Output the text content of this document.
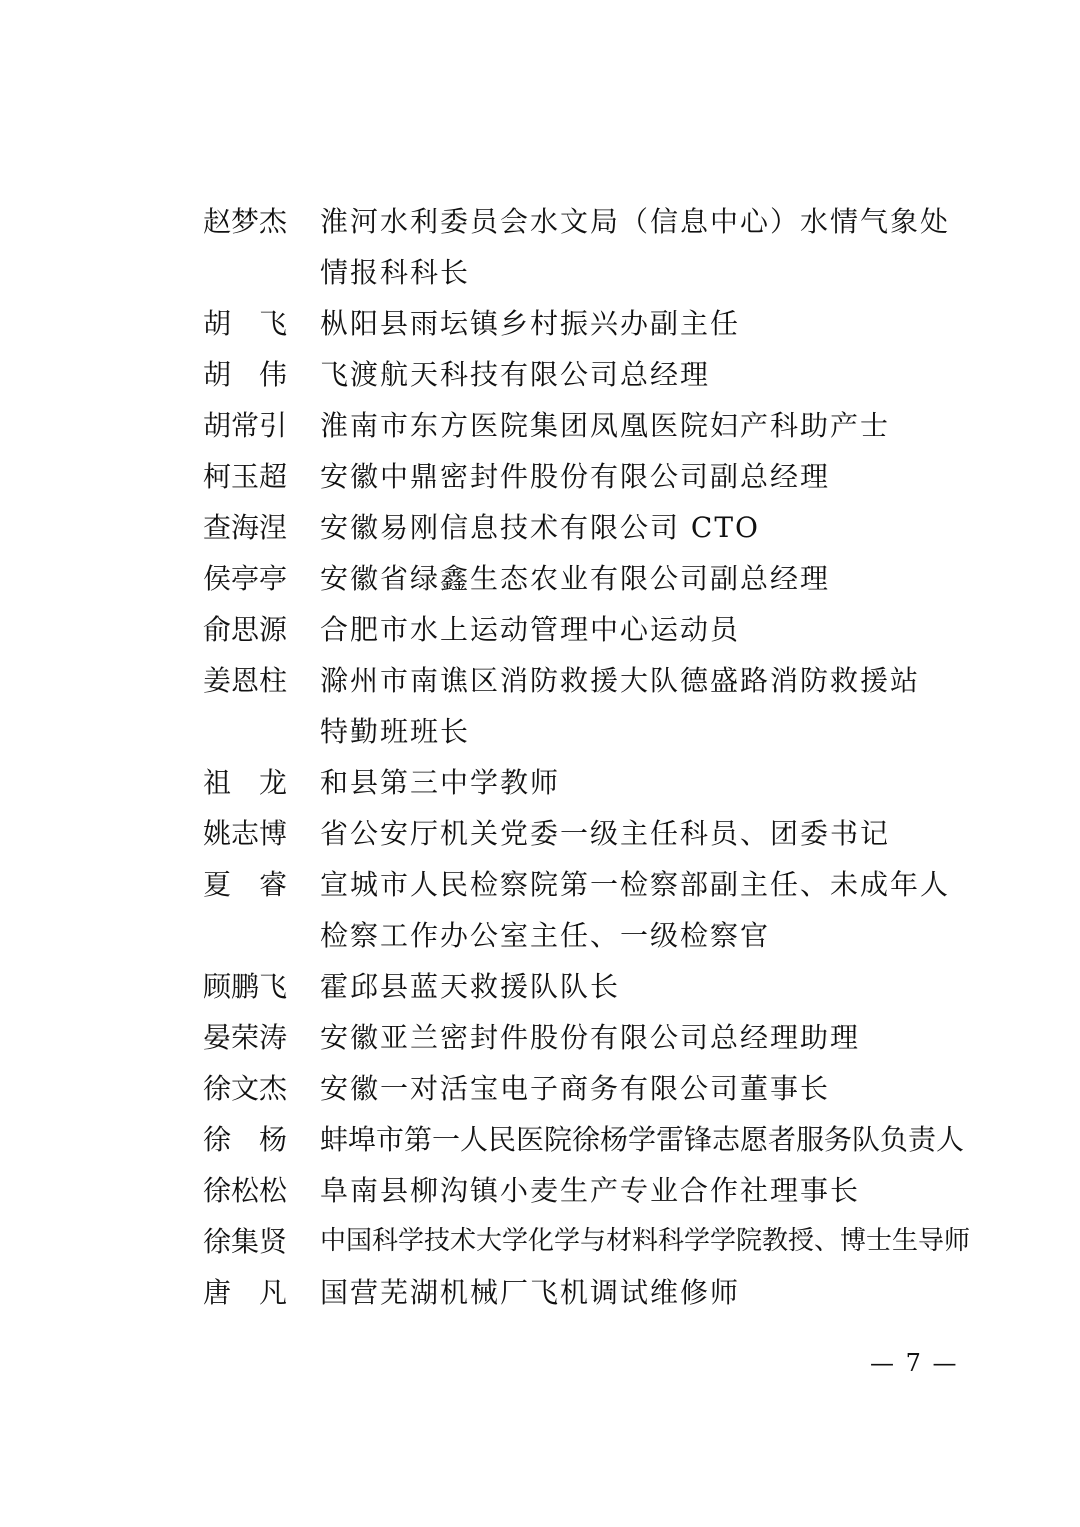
赵梦杰	淮河水利委员会水文局（信息中心）水情气象处
情报科科长
胡飞 枞阳县雨坛镇乡村振兴办副主任
胡伟 飞渡航天科技有限公司总经理
胡常引	淮南市东方医院集团凤凰医院妇产科助产士
柯玉超	安徽中鼎密封件股份有限公司副总经理
查海涅	安徽易刚信息技术有限公司 CTO
侯亭亭	安徽省绿鑫生态农业有限公司副总经理
俞思源	合肥市水上运动管理中心运动员
姜恩柱	滁州市南谯区消防救援大队德盛路消防救援站
特勤班班长
祖龙 和县第三中学教师
姚志博	省公安厅机关党委一级主任科员、团委书记
夏睿 宣城市人民检察院第一检察部副主任、未成年人
检察工作办公室主任、一级检察官
顾鹏飞	霍邱县蓝天救援队队长
晏荣涛	安徽亚兰密封件股份有限公司总经理助理
徐文杰	安徽一对活宝电子商务有限公司董事长
徐杨 蚌埠市第一人民医院徐杨学雷锋志愿者服务队负责人
徐松松	阜南县柳沟镇小麦生产专业合作社理事长
徐集贤	中国科学技术大学化学与材料科学学院教授、博士生导师
唐凡 国营芜湖机械厂飞机调试维修师
— 7 —
